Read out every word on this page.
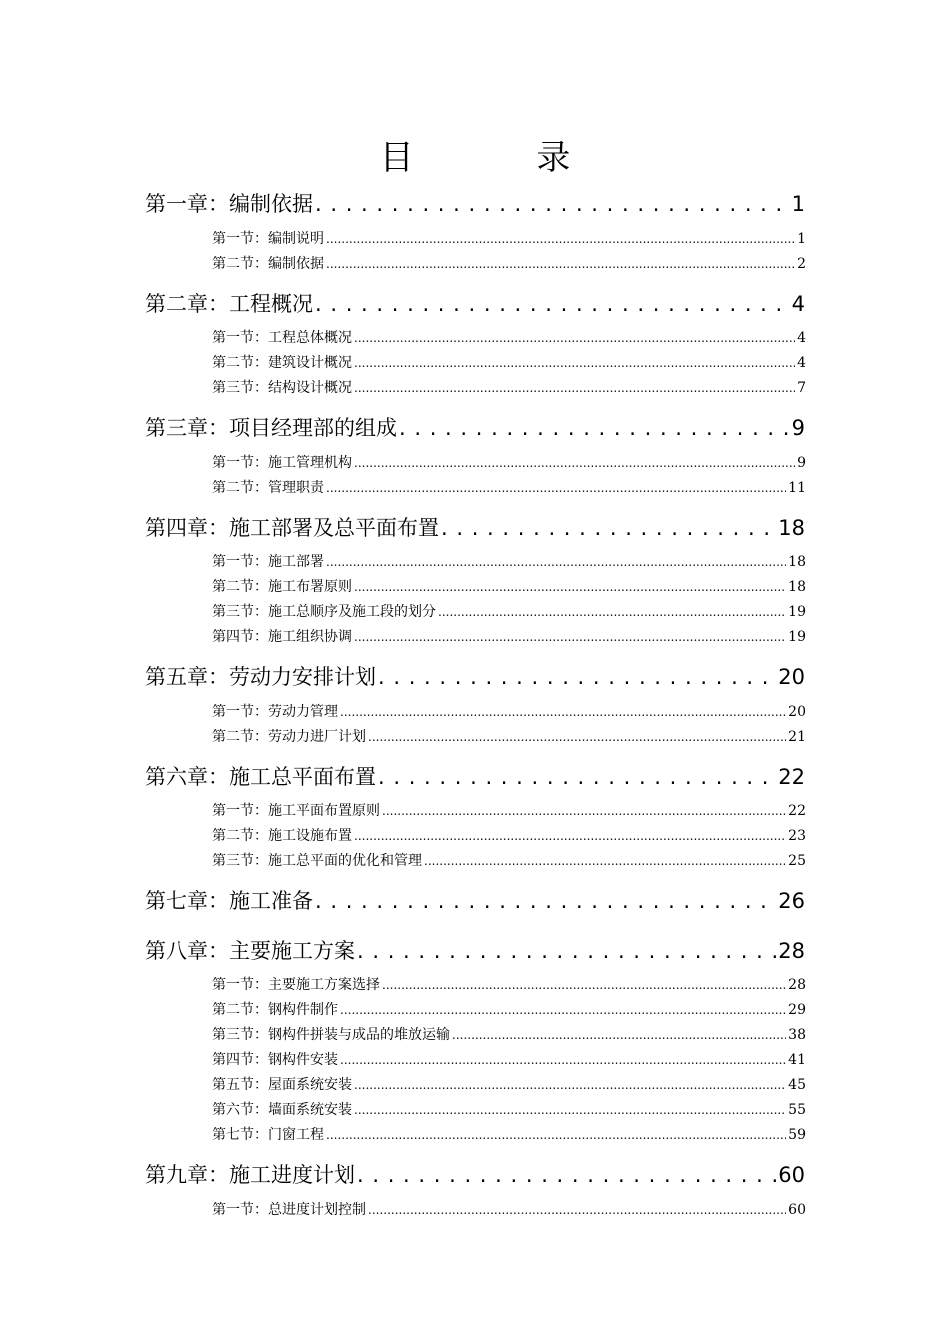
目 录
第一章：编制依据 . . .	1
第一节：编制说明 .....	1
第二节：编制依据 .....	2
第二章：工程概况 . . .	4
第一节：工程总体概况 .....	4
第二节：建筑设计概况 .....	4
第三节：结构设计概况 .....	7
第三章：项目经理部的组成 . . .	9
第一节：施工管理机构 .....	9
第二节：管理职责 .....	11
第四章：施工部署及总平面布置 . . .	18
第一节：施工部署 .....	18
第二节：施工布署原则 .....	18
第三节：施工总顺序及施工段的划分 .....	19
第四节：施工组织协调 .....	19
第五章：劳动力安排计划 . . .	20
第一节：劳动力管理 .....	20
第二节：劳动力进厂计划 .....	21
第六章：施工总平面布置 . . .	22
第一节：施工平面布置原则 .....	22
第二节：施工设施布置 .....	23
第三节：施工总平面的优化和管理 .....	25
第七章：施工准备 . . .	26
第八章：主要施工方案 . . .	28
第一节：主要施工方案选择 .....	28
第二节：钢构件制作 .....	29
第三节：钢构件拼装与成品的堆放运输 .....	38
第四节：钢构件安装 .....	41
第五节：屋面系统安装 .....	45
第六节：墙面系统安装 .....	55
第七节：门窗工程 .....	59
第九章：施工进度计划 . . .	60
第一节：总进度计划控制 .....	60
